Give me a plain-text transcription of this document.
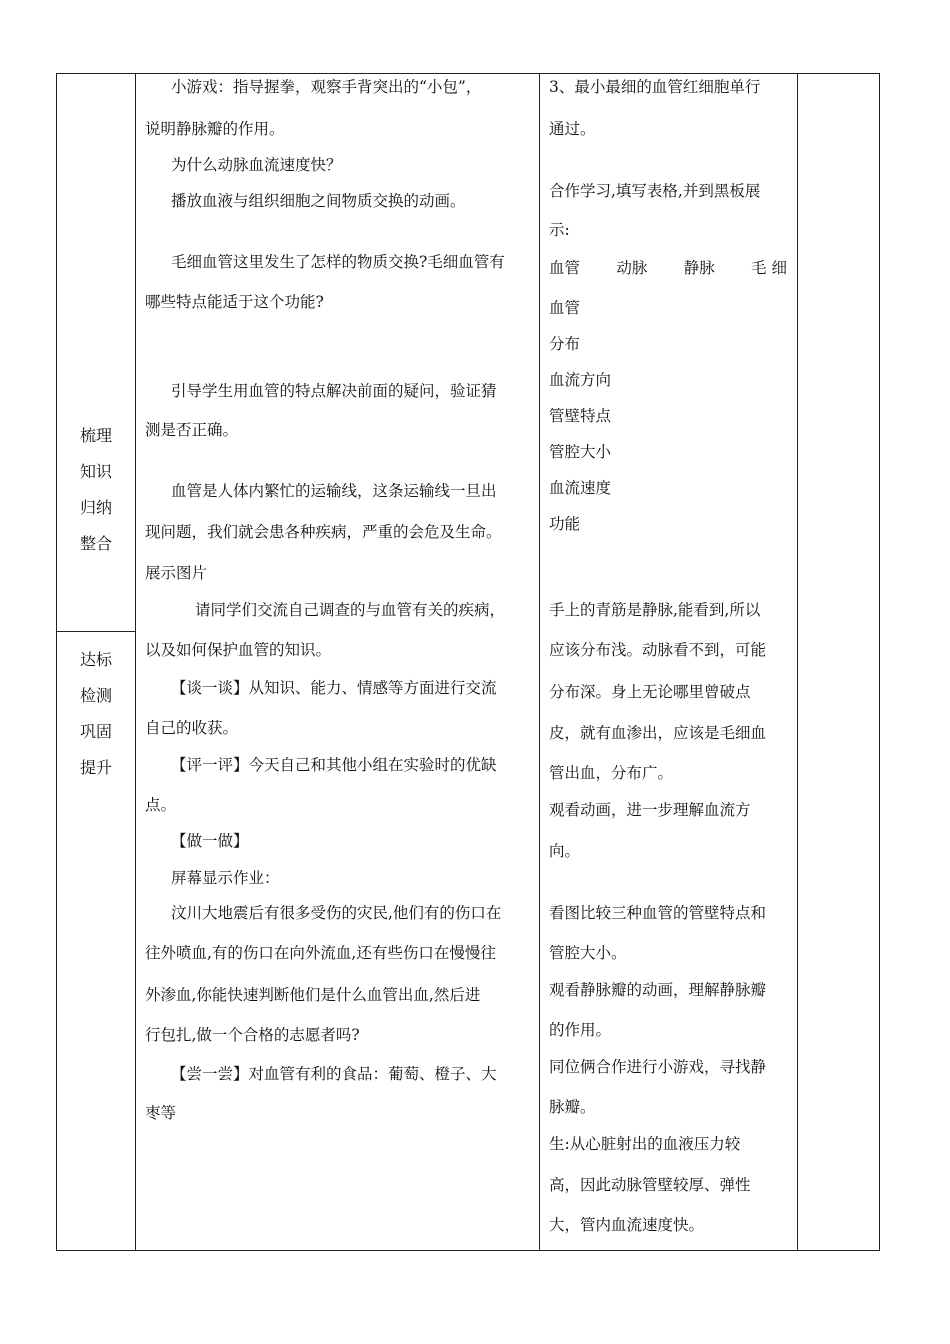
梳理
知识
归纳
整合
达标
检测
巩固
提升
小游戏：指导握拳，观察手背突出的“小包”，
说明静脉瓣的作用。
为什么动脉血流速度快？
播放血液与组织细胞之间物质交换的动画。
毛细血管这里发生了怎样的物质交换?毛细血管有
哪些特点能适于这个功能?
引导学生用血管的特点解决前面的疑问，验证猜
测是否正确。
血管是人体内繁忙的运输线，这条运输线一旦出
现问题，我们就会患各种疾病，严重的会危及生命。
展示图片
请同学们交流自己调查的与血管有关的疾病，
以及如何保护血管的知识。
【谈一谈】从知识、能力、情感等方面进行交流
自己的收获。
【评一评】今天自己和其他小组在实验时的优缺
点。
【做一做】
屏幕显示作业：
汶川大地震后有很多受伤的灾民,他们有的伤口在
往外喷血,有的伤口在向外流血,还有些伤口在慢慢往
外渗血,你能快速判断他们是什么血管出血,然后进
行包扎,做一个合格的志愿者吗?
【尝一尝】对血管有利的食品：葡萄、橙子、大
枣等
3、最小最细的血管红细胞单行
通过。
合作学习,填写表格,并到黑板展
示:
血管 动脉 静脉 毛 细
血管
分布
血流方向
管壁特点
管腔大小
血流速度
功能
手上的青筋是静脉,能看到,所以
应该分布浅。动脉看不到，可能
分布深。身上无论哪里曾破点
皮，就有血渗出，应该是毛细血
管出血，分布广。
观看动画，进一步理解血流方
向。
看图比较三种血管的管壁特点和
管腔大小。
观看静脉瓣的动画，理解静脉瓣
的作用。
同位俩合作进行小游戏，寻找静
脉瓣。
生:从心脏射出的血液压力较
高，因此动脉管壁较厚、弹性
大，管内血流速度快。
